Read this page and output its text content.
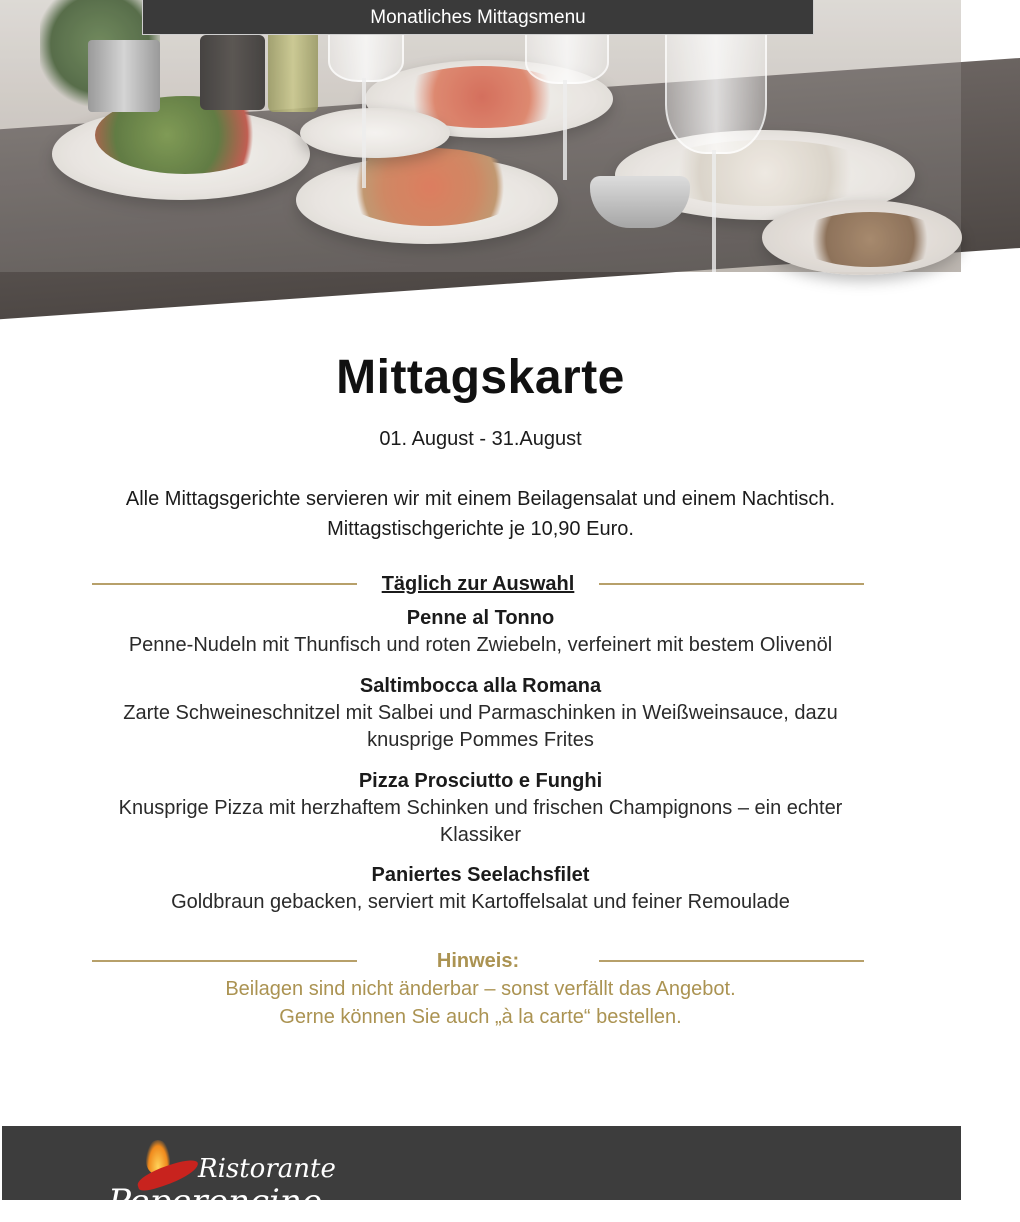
Monatliches Mittagsmenu
Mittagskarte
01. August - 31.August
Alle Mittagsgerichte servieren wir mit einem Beilagensalat und einem Nachtisch.
Mittagstischgerichte je 10,90 Euro.
Täglich zur Auswahl
Penne al Tonno
Penne-Nudeln mit Thunfisch und roten Zwiebeln, verfeinert mit bestem Olivenöl
Saltimbocca alla Romana
Zarte Schweineschnitzel mit Salbei und Parmaschinken in Weißweinsauce, dazu
knusprige Pommes Frites
Pizza Prosciutto e Funghi
Knusprige Pizza mit herzhaftem Schinken und frischen Champignons – ein echter
Klassiker
Paniertes Seelachsfilet
Goldbraun gebacken, serviert mit Kartoffelsalat und feiner Remoulade
Hinweis:
Beilagen sind nicht änderbar – sonst verfällt das Angebot.
Gerne können Sie auch „à la carte“ bestellen.
Ristorante
Peperoncino
